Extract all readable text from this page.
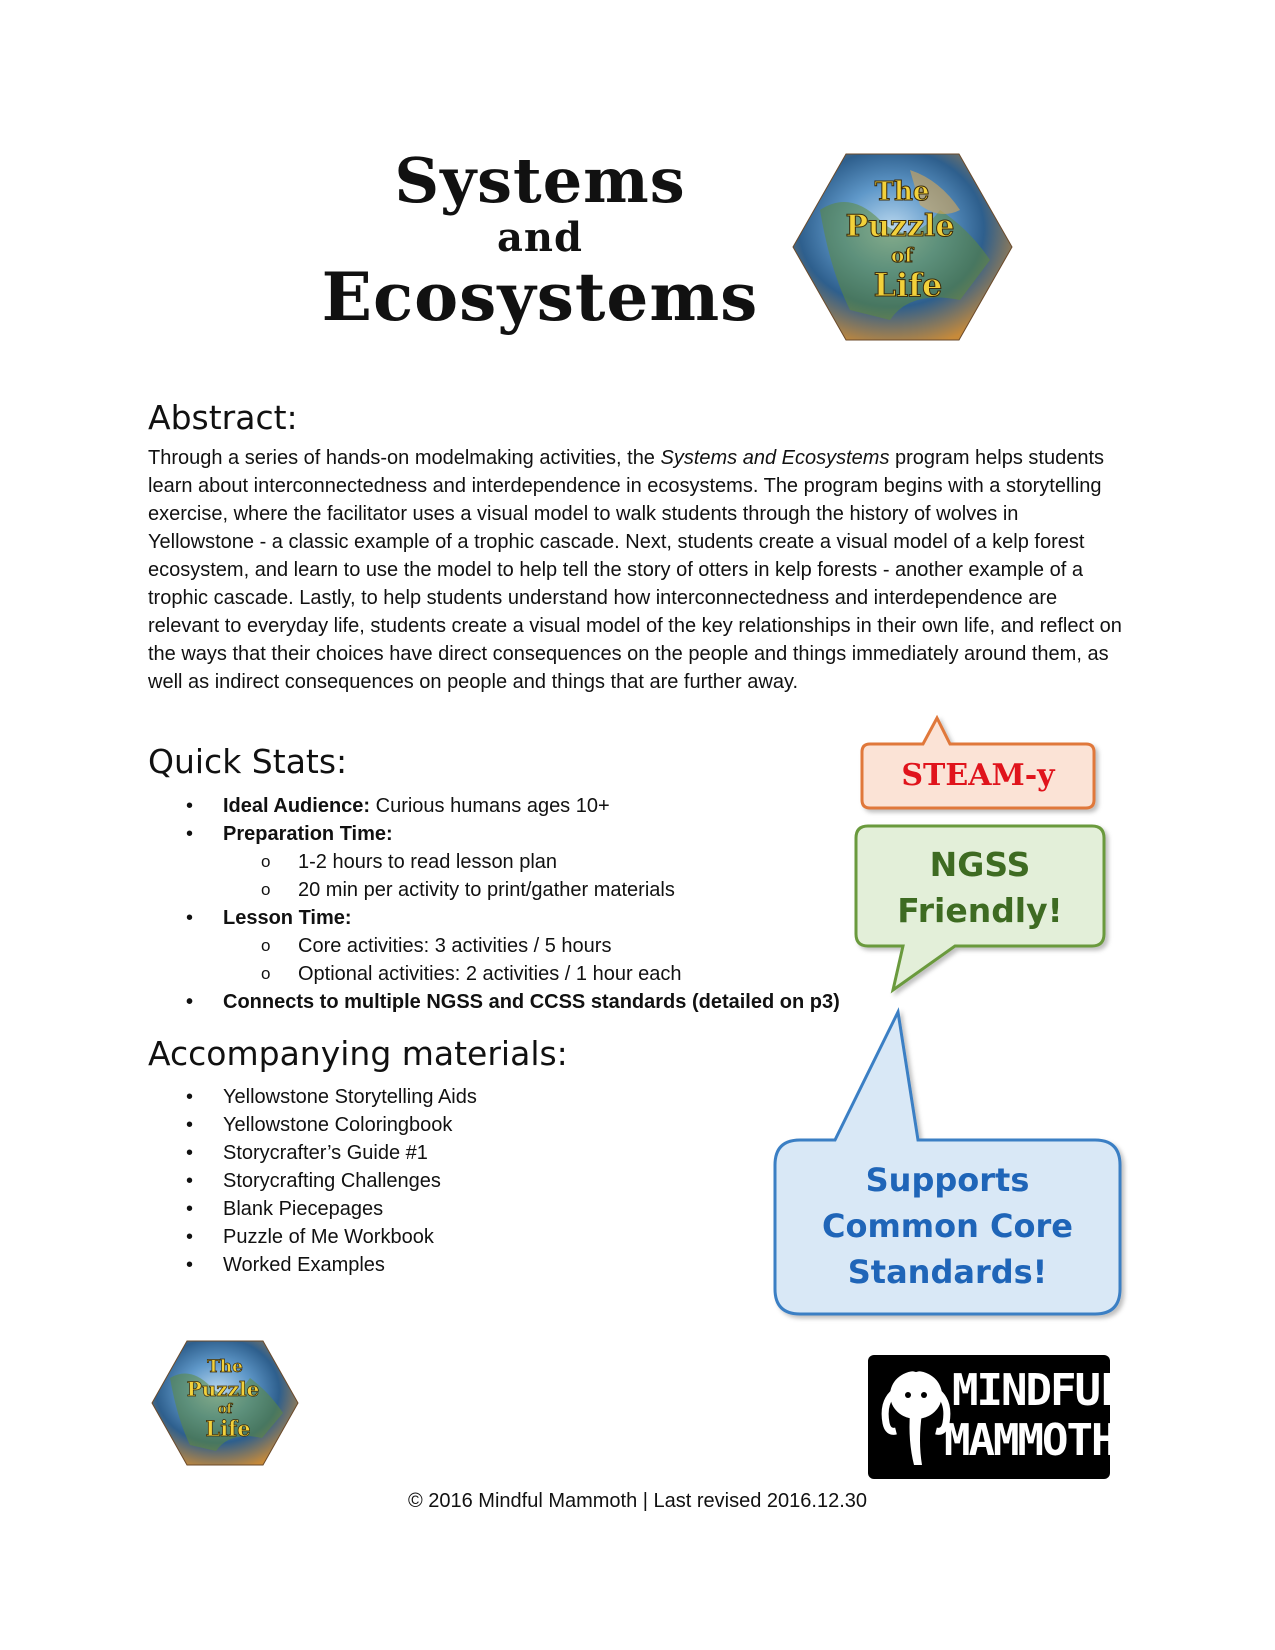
Systems
and
Ecosystems
The
Puzzle
of
Life
Abstract:
Through a series of hands-on modelmaking activities, the Systems and Ecosystems program helps students learn about interconnectedness and interdependence in ecosystems. The program begins with a storytelling exercise, where the facilitator uses a visual model to walk students through the history of wolves in Yellowstone - a classic example of a trophic cascade. Next, students create a visual model of a kelp forest ecosystem, and learn to use the model to help tell the story of otters in kelp forests - another example of a trophic cascade. Lastly, to help students understand how interconnectedness and interdependence are relevant to everyday life, students create a visual model of the key relationships in their own life, and reflect on the ways that their choices have direct consequences on the people and things immediately around them, as well as indirect consequences on people and things that are further away.
Quick Stats:
• Ideal Audience: Curious humans ages 10+
• Preparation Time:
o 1-2 hours to read lesson plan
o 20 min per activity to print/gather materials
• Lesson Time:
o Core activities: 3 activities / 5 hours
o Optional activities: 2 activities / 1 hour each
• Connects to multiple NGSS and CCSS standards (detailed on p3)
Accompanying materials:
• Yellowstone Storytelling Aids
• Yellowstone Coloringbook
• Storycrafter’s Guide #1
• Storycrafting Challenges
• Blank Piecepages
• Puzzle of Me Workbook
• Worked Examples
STEAM-y
NGSS
Friendly!
Supports
Common Core
Standards!
The
Puzzle
of
Life
MINDFUL
MAMMOTH
© 2016 Mindful Mammoth | Last revised 2016.12.30
